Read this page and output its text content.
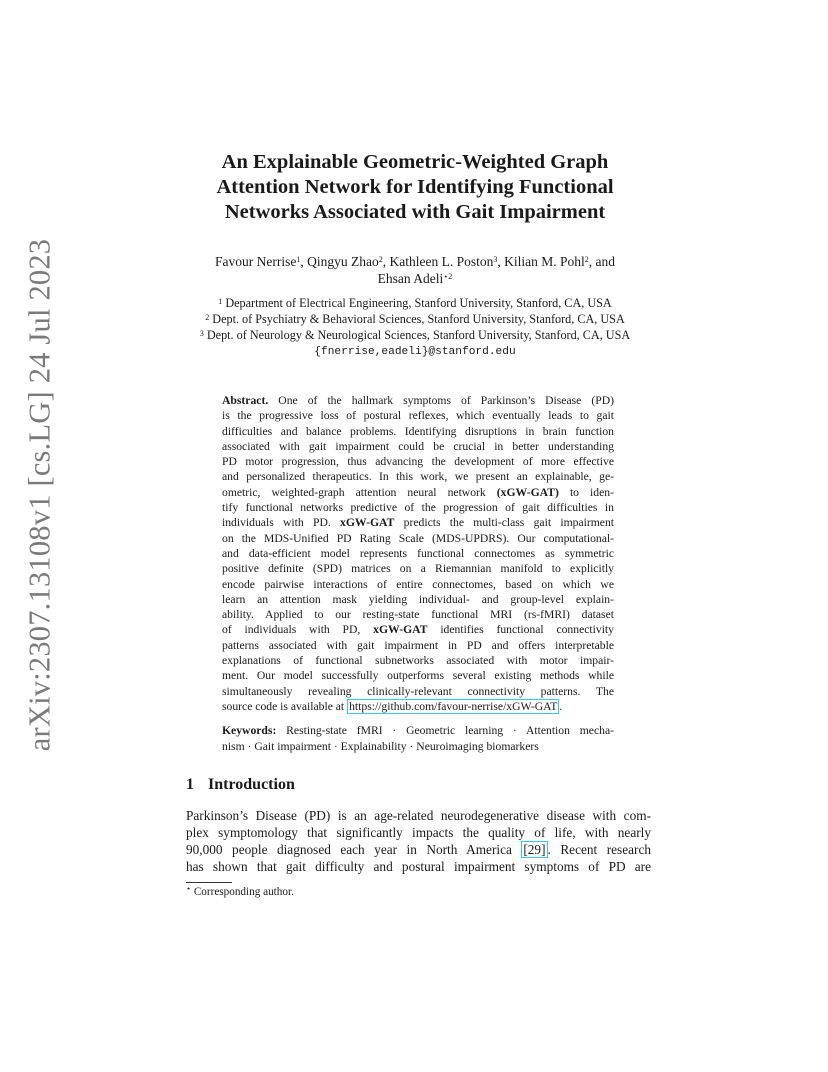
arXiv:2307.13108v1 [cs.LG] 24 Jul 2023
An Explainable Geometric-Weighted Graph
Attention Network for Identifying Functional
Networks Associated with Gait Impairment
Favour Nerrise$^1$, Qingyu Zhao$^2$, Kathleen L. Poston$^3$, Kilian M. Pohl$^2$, and
Ehsan Adeli$^{⋆2}$
$^1$ Department of Electrical Engineering, Stanford University, Stanford, CA, USA
$^2$ Dept. of Psychiatry & Behavioral Sciences, Stanford University, Stanford, CA, USA
$^3$ Dept. of Neurology & Neurological Sciences, Stanford University, Stanford, CA, USA
{fnerrise,eadeli}@stanford.edu
Abstract. One of the hallmark symptoms of Parkinson’s Disease (PD)
is the progressive loss of postural reflexes, which eventually leads to gait
difficulties and balance problems. Identifying disruptions in brain function
associated with gait impairment could be crucial in better understanding
PD motor progression, thus advancing the development of more effective
and personalized therapeutics. In this work, we present an explainable, ge-
ometric, weighted-graph attention neural network (xGW-GAT) to iden-
tify functional networks predictive of the progression of gait difficulties in
individuals with PD. xGW-GAT predicts the multi-class gait impairment
on the MDS-Unified PD Rating Scale (MDS-UPDRS). Our computational-
and data-efficient model represents functional connectomes as symmetric
positive definite (SPD) matrices on a Riemannian manifold to explicitly
encode pairwise interactions of entire connectomes, based on which we
learn an attention mask yielding individual- and group-level explain-
ability. Applied to our resting-state functional MRI (rs-fMRI) dataset
of individuals with PD, xGW-GAT identifies functional connectivity
patterns associated with gait impairment in PD and offers interpretable
explanations of functional subnetworks associated with motor impair-
ment. Our model successfully outperforms several existing methods while
simultaneously revealing clinically-relevant connectivity patterns. The
source code is available at https://github.com/favour-nerrise/xGW-GAT .
Keywords: Resting-state fMRI · Geometric learning · Attention mecha-
nism · Gait impairment · Explainability · Neuroimaging biomarkers
1 Introduction
Parkinson’s Disease (PD) is an age-related neurodegenerative disease with com-
plex symptomology that significantly impacts the quality of life, with nearly
90,000 people diagnosed each year in North America [29] . Recent research
has shown that gait difficulty and postural impairment symptoms of PD are
⋆ Corresponding author.
